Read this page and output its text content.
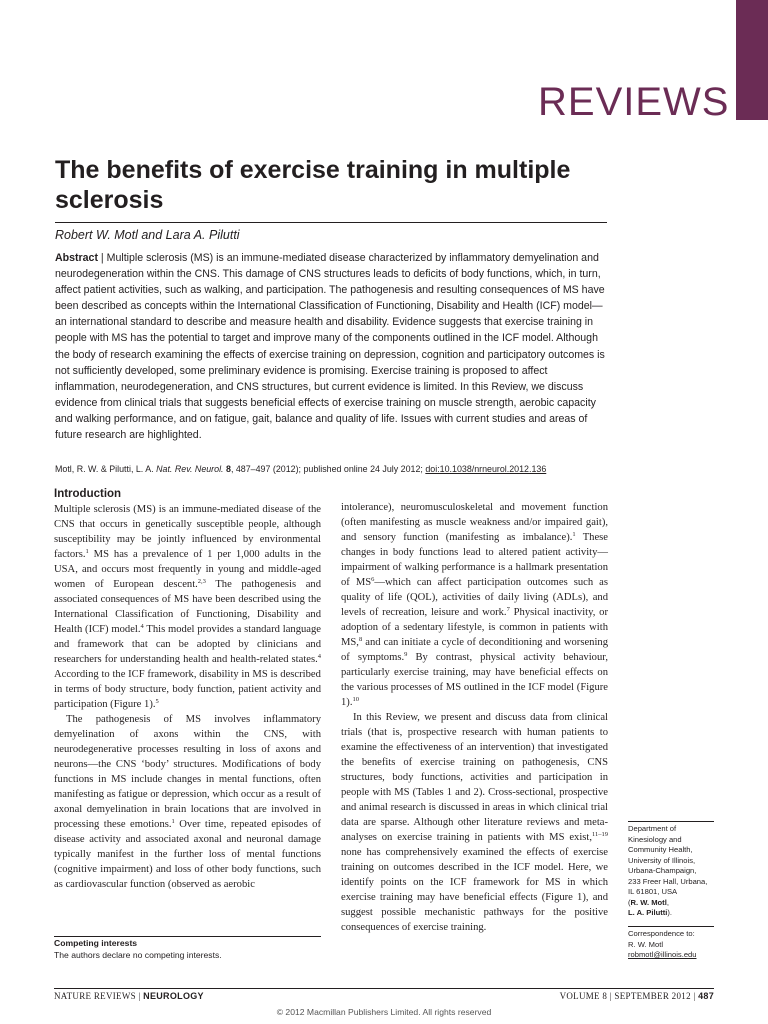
REVIEWS
The benefits of exercise training in multiple sclerosis
Robert W. Motl and Lara A. Pilutti
Abstract | Multiple sclerosis (MS) is an immune-mediated disease characterized by inflammatory demyelination and neurodegeneration within the CNS. This damage of CNS structures leads to deficits of body functions, which, in turn, affect patient activities, such as walking, and participation. The pathogenesis and resulting consequences of MS have been described as concepts within the International Classification of Functioning, Disability and Health (ICF) model—an international standard to describe and measure health and disability. Evidence suggests that exercise training in people with MS has the potential to target and improve many of the components outlined in the ICF model. Although the body of research examining the effects of exercise training on depression, cognition and participatory outcomes is not sufficiently developed, some preliminary evidence is promising. Exercise training is proposed to affect inflammation, neurodegeneration, and CNS structures, but current evidence is limited. In this Review, we discuss evidence from clinical trials that suggests beneficial effects of exercise training on muscle strength, aerobic capacity and walking performance, and on fatigue, gait, balance and quality of life. Issues with current studies and areas of future research are highlighted.
Motl, R. W. & Pilutti, L. A. Nat. Rev. Neurol. 8, 487–497 (2012); published online 24 July 2012; doi:10.1038/nrneurol.2012.136
Introduction

Multiple sclerosis (MS) is an immune-mediated disease of the CNS that occurs in genetically susceptible people, although susceptibility may be jointly influenced by environmental factors.$^1$ MS has a prevalence of 1 per 1,000 adults in the USA, and occurs most frequently in young and middle-aged women of European descent.$^{2,3}$ The pathogenesis and associated consequences of MS have been described using the International Classification of Functioning, Disability and Health (ICF) model.$^4$ This model provides a standard language and framework that can be adopted by clinicians and researchers for understanding health and health-related states.$^4$ According to the ICF framework, disability in MS is described in terms of body structure, body function, patient activity and participation (Figure 1).$^5$

The pathogenesis of MS involves inflammatory demyelination of axons within the CNS, with neurodegenerative processes resulting in loss of axons and neurons—the CNS ‘body’ structures. Modifications of body functions in MS include changes in mental functions, often manifesting as fatigue or depression, which occur as a result of axonal demyelination in brain locations that are involved in processing these emotions.$^1$ Over time, repeated episodes of disease activity and associated axonal and neuronal damage typically manifest in the further loss of mental functions (cognitive impairment) and loss of other body functions, such as cardiovascular function (observed as aerobic

intolerance), neuromusculoskeletal and movement function (often manifesting as muscle weakness and/or impaired gait), and sensory function (manifesting as imbalance).$^1$ These changes in body functions lead to altered patient activity—impairment of walking performance is a hallmark presentation of $MS^6—which$ can affect participation outcomes such as quality of life (QOL), activities of daily living (ADLs), and levels of recreation, leisure and work.$^7$ Physical inactivity, or adoption of a sedentary lifestyle, is common in patients with MS,$^8$ and can initiate a cycle of deconditioning and worsening of symptoms.$^9$ By contrast, physical activity behaviour, particularly exercise training, may have beneficial effects on the various processes of MS outlined in the ICF model (Figure 1).$^{10}$

In this Review, we present and discuss data from clinical trials (that is, prospective research with human patients to examine the effectiveness of an intervention) that investigated the benefits of exercise training on pathogenesis, CNS structures, body functions, activities and participation in people with MS (Tables 1 and 2). Cross-sectional, prospective and animal research is discussed in areas in which clinical trial data are sparse. Although other literature reviews and meta-analyses on exercise training in patients with MS exist,$^{11-19}$ none has comprehensively examined the effects of exercise training on outcomes described in the ICF model. Here, we identify points on the ICF framework for MS in which exercise training may have beneficial effects (Figure 1), and suggest possible mechanistic pathways for the positive consequences of exercise training.

Competing interests
The authors declare no competing interests.
Department of
Kinesiology and
Community Health,
University of Illinois,
Urbana-Champaign,
233 Freer Hall, Urbana,
IL 61801, USA
(R. W. Motl,
L. A. Pilutti).
Correspondence to:
R. W. Motl
robmotl@illinois.edu
NATURE REVIEWS | NEUROLOGY	VOLUME 8 | SEPTEMBER 2012 | 487
© 2012 Macmillan Publishers Limited. All rights reserved
